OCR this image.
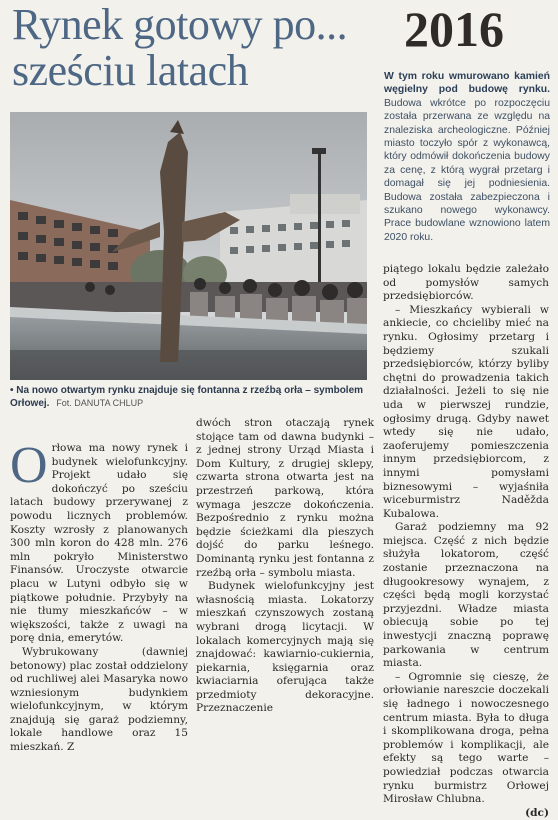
Rynek gotowy po...
sześciu latach
2016
W tym roku wmurowano kamień węgielny pod budowę rynku. Budowa wkrótce po rozpoczęciu została przerwana ze względu na znaleziska archeologiczne. Później miasto toczyło spór z wykonawcą, który odmówił dokończenia budowy za cenę, z którą wygrał przetarg i domagał się jej podniesienia. Budowa została zabezpieczona i szukano nowego wykonawcy. Prace budowlane wznowiono latem 2020 roku.
• Na nowo otwartym rynku znajduje się fontanna z rzeźbą orła – symbolem Orłowej. Fot. DANUTA CHLUP

Orłowa ma nowy rynek i budynek wielofunkcyjny. Projekt udało się dokończyć po sześciu latach budowy przerywanej z powodu licznych problemów. Koszty wzrosły z planowanych 300 mln koron do 428 mln. 276 mln pokryło Ministerstwo Finansów. Uroczyste otwarcie placu w Lutyni odbyło się w piątkowe południe. Przybyły na nie tłumy mieszkańców – w większości, także z uwagi na porę dnia, emerytów.

Wybrukowany (dawniej betonowy) plac został oddzielony od ruchliwej alei Masaryka nowo wzniesionym budynkiem wielofunkcyjnym, w którym znajdują się garaż podziemny, lokale handlowe oraz 15 mieszkań. Z

dwóch stron otaczają rynek stojące tam od dawna budynki – z jednej strony Urząd Miasta i Dom Kultury, z drugiej sklepy, czwarta strona otwarta jest na przestrzeń parkową, która wymaga jeszcze dokończenia. Bezpośrednio z rynku można będzie ścieżkami dla pieszych dojść do parku leśnego. Dominantą rynku jest fontanna z rzeźbą orła – symbolu miasta.

Budynek wielofunkcyjny jest własnością miasta. Lokatorzy mieszkań czynszowych zostaną wybrani drogą licytacji. W lokalach komercyjnych mają się znajdować: kawiarnio-cukiernia, piekarnia, księgarnia oraz kwiaciarnia oferująca także przedmioty dekoracyjne. Przeznaczenie

piątego lokalu będzie zależało od pomysłów samych przedsiębiorców.

– Mieszkańcy wybierali w ankiecie, co chcieliby mieć na rynku. Ogłosimy przetarg i będziemy szukali przedsiębiorców, którzy byliby chętni do prowadzenia takich działalności. Jeżeli to się nie uda w pierwszej rundzie, ogłosimy drugą. Gdyby nawet wtedy się nie udało, zaoferujemy pomieszczenia innym przedsiębiorcom, z innymi pomysłami biznesowymi – wyjaśniła wiceburmistrz Naděžda Kubalowa.

Garaż podziemny ma 92 miejsca. Część z nich będzie służyła lokatorom, część zostanie przeznaczona na długookresowy wynajem, z części będą mogli korzystać przyjezdni. Władze miasta obiecują sobie po tej inwestycji znaczną poprawę parkowania w centrum miasta.

– Ogromnie się cieszę, że orłowianie nareszcie doczekali się ładnego i nowoczesnego centrum miasta. Była to długa i skomplikowana droga, pełna problemów i komplikacji, ale efekty są tego warte – powiedział podczas otwarcia rynku burmistrz Orłowej Mirosław Chlubna.

(dc)
